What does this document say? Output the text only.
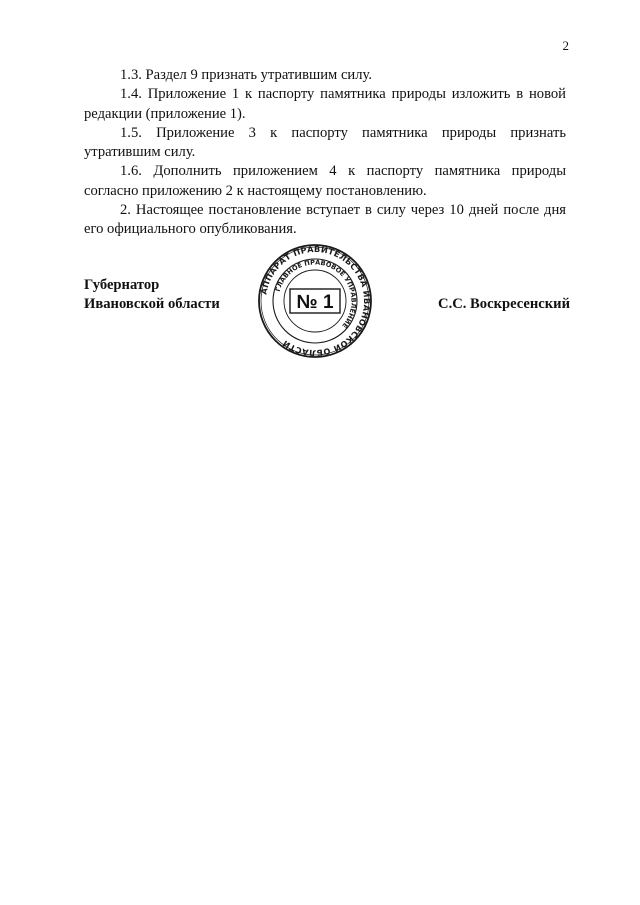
2

1.3. Раздел 9 признать утратившим силу.

1.4. Приложение 1 к паспорту памятника природы изложить в новой редакции (приложение 1).

1.5. Приложение 3 к паспорту памятника природы признать утратившим силу.

1.6. Дополнить приложением 4 к паспорту памятника природы согласно приложению 2 к настоящему постановлению.

2. Настоящее постановление вступает в силу через 10 дней после дня его официального опубликования.

Губернатор
Ивановской области	С.С. Воскресенский
АППАРАТ ПРАВИТЕЛЬСТВА ИВАНОВСКОЙ ОБЛАСТИ
ГЛАВНОЕ ПРАВОВОЕ УПРАВЛЕНИЕ
№ 1
